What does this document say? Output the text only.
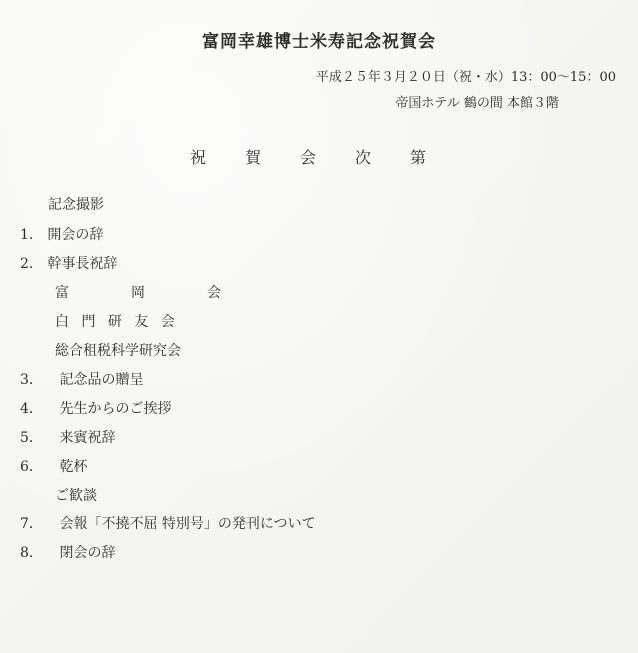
富岡幸雄博士米寿記念祝賀会
平成２５年３月２０日（祝・水）13：00〜15：00
帝国ホテル 鶴の間 本館３階
祝	賀	会	次	第
記念撮影
1． 開会の辞
2． 幹事長祝辞
富　岡　会
白 門 研 友 会
総合租税科学研究会
3． 記念品の贈呈
4． 先生からのご挨拶
5． 来賓祝辞
6． 乾杯
ご歓談
7． 会報「不撓不屈 特別号」の発刊について
8． 閉会の辞
